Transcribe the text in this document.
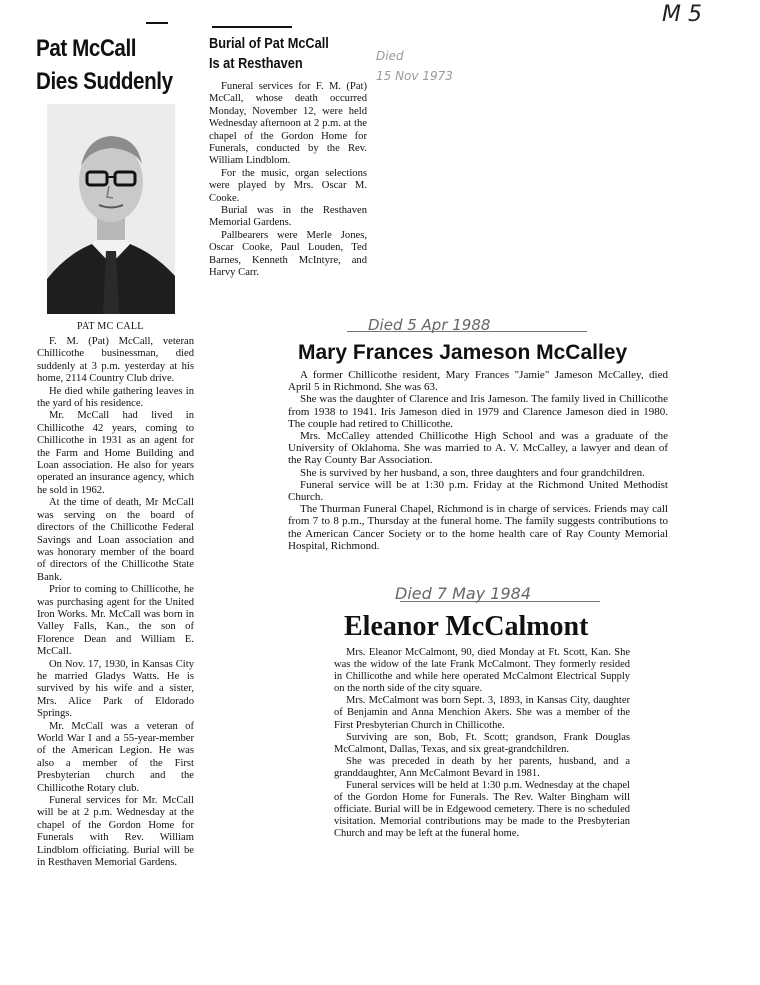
M 5
Pat McCall
Dies Suddenly
PAT MC CALL

F. M. (Pat) McCall, veteran Chillicothe businessman, died suddenly at 3 p.m. yesterday at his home, 2114 Country Club drive.

He died while gathering leaves in the yard of his residence.

Mr. McCall had lived in Chillicothe 42 years, coming to Chillicothe in 1931 as an agent for the Farm and Home Building and Loan association. He also for years operated an insurance agency, which he sold in 1962.

At the time of death, Mr McCall was serving on the board of directors of the Chillicothe Federal Savings and Loan association and was honorary member of the board of directors of the Chillicothe State Bank.

Prior to coming to Chillicothe, he was purchasing agent for the United Iron Works. Mr. McCall was born in Valley Falls, Kan., the son of Florence Dean and William E. McCall.

On Nov. 17, 1930, in Kansas City he married Gladys Watts. He is survived by his wife and a sister, Mrs. Alice Park of Eldorado Springs.

Mr. McCall was a veteran of World War I and a 55-year-member of the American Legion. He was also a member of the First Presbyterian church and the Chillicothe Rotary club.

Funeral services for Mr. McCall will be at 2 p.m. Wednesday at the chapel of the Gordon Home for Funerals with Rev. William Lindblom officiating. Burial will be in Resthaven Memorial Gardens.

Burial of Pat McCall
Is at Resthaven	Died
15 Nov 1973

Funeral services for F. M. (Pat) McCall, whose death occurred Monday, November 12, were held Wednesday afternoon at 2 p.m. at the chapel of the Gordon Home for Funerals, conducted by the Rev. William Lindblom.

For the music, organ selections were played by Mrs. Oscar M. Cooke.

Burial was in the Resthaven Memorial Gardens.

Pallbearers were Merle Jones, Oscar Cooke, Paul Louden, Ted Barnes, Kenneth McIntyre, and Harvy Carr.

Died 5 Apr 1988
Mary Frances Jameson McCalley

A former Chillicothe resident, Mary Frances "Jamie" Jameson McCalley, died April 5 in Richmond. She was 63.

She was the daughter of Clarence and Iris Jameson. The family lived in Chillicothe from 1938 to 1941. Iris Jameson died in 1979 and Clarence Jameson died in 1980. The couple had retired to Chillicothe.

Mrs. McCalley attended Chillicothe High School and was a graduate of the University of Oklahoma. She was married to A. V. McCalley, a lawyer and dean of the Ray County Bar Association.

She is survived by her husband, a son, three daughters and four grandchildren.

Funeral service will be at 1:30 p.m. Friday at the Richmond United Methodist Church.

The Thurman Funeral Chapel, Richmond is in charge of services. Friends may call from 7 to 8 p.m., Thursday at the funeral home. The family suggests contributions to the American Cancer Society or to the home health care of Ray County Memorial Hospital, Richmond.

Died 7 May 1984
Eleanor McCalmont

Mrs. Eleanor McCalmont, 90, died Monday at Ft. Scott, Kan. She was the widow of the late Frank McCalmont. They formerly resided in Chillicothe and while here operated McCalmont Electrical Supply on the north side of the city square.

Mrs. McCalmont was born Sept. 3, 1893, in Kansas City, daughter of Benjamin and Anna Menchion Akers. She was a member of the First Presbyterian Church in Chillicothe.

Surviving are son, Bob, Ft. Scott; grandson, Frank Douglas McCalmont, Dallas, Texas, and six great-grandchildren.

She was preceded in death by her parents, husband, and a granddaughter, Ann McCalmont Bevard in 1981.

Funeral services will be held at 1:30 p.m. Wednesday at the chapel of the Gordon Home for Funerals. The Rev. Walter Bingham will officiate. Burial will be in Edgewood cemetery. There is no scheduled visitation. Memorial contributions may be made to the Presbyterian Church and may be left at the funeral home.
